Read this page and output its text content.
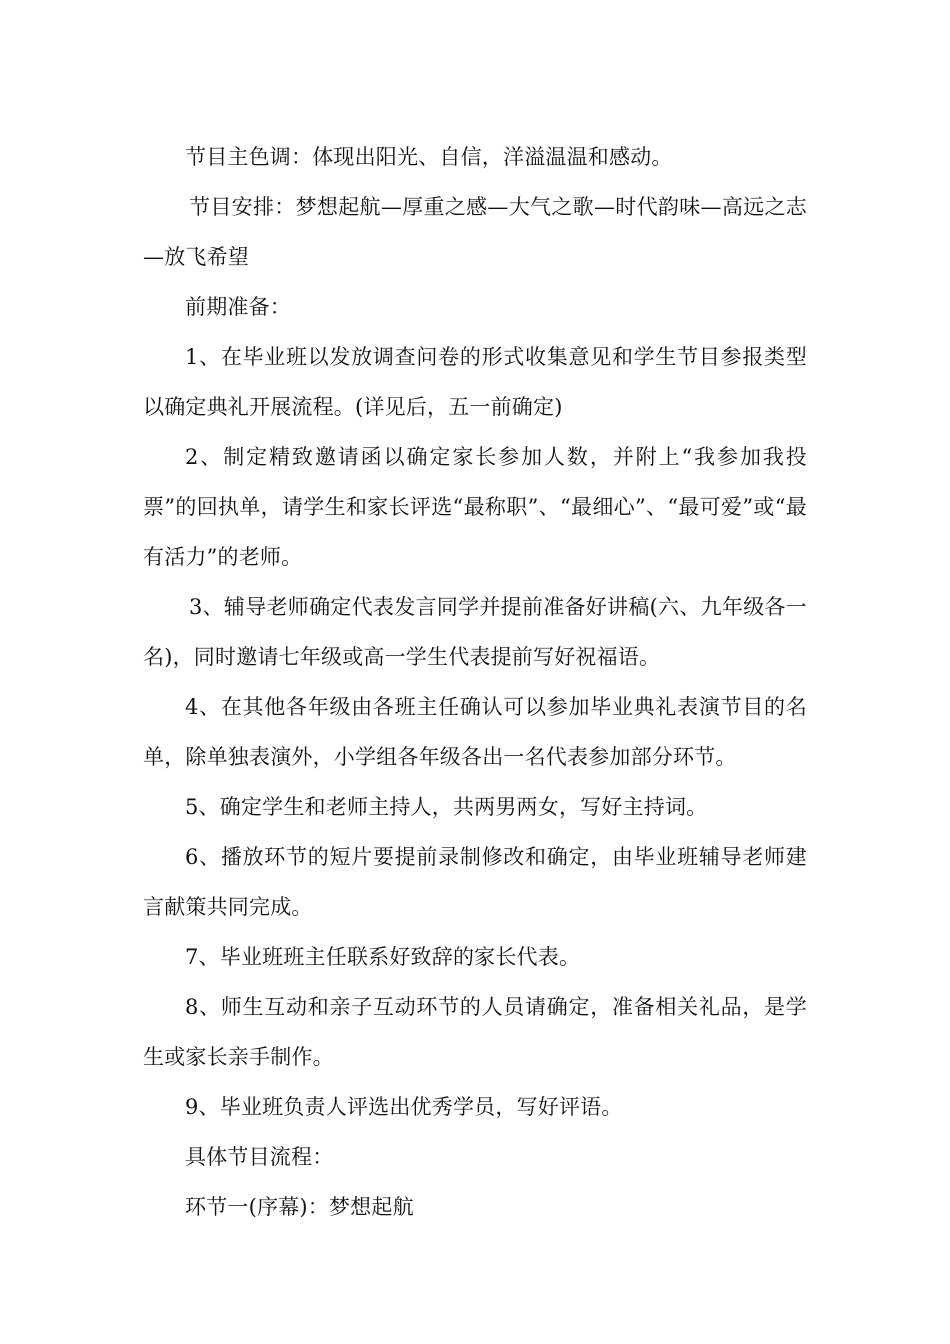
节目主色调：体现出阳光、自信，洋溢温温和感动。

节目安排：梦想起航—厚重之感—大气之歌—时代韵味—高远之志—放飞希望

前期准备：

1、在毕业班以发放调查问卷的形式收集意见和学生节目参报类型以确定典礼开展流程。(详见后，五一前确定)

2、制定精致邀请函以确定家长参加人数，并附上“我参加我投票”的回执单，请学生和家长评选“最称职”、“最细心”、“最可爱”或“最有活力”的老师。

3、辅导老师确定代表发言同学并提前准备好讲稿(六、九年级各一名)，同时邀请七年级或高一学生代表提前写好祝福语。

4、在其他各年级由各班主任确认可以参加毕业典礼表演节目的名单，除单独表演外，小学组各年级各出一名代表参加部分环节。

5、确定学生和老师主持人，共两男两女，写好主持词。

6、播放环节的短片要提前录制修改和确定，由毕业班辅导老师建言献策共同完成。

7、毕业班班主任联系好致辞的家长代表。

8、师生互动和亲子互动环节的人员请确定，准备相关礼品，是学生或家长亲手制作。

9、毕业班负责人评选出优秀学员，写好评语。

具体节目流程：

环节一(序幕)：梦想起航
